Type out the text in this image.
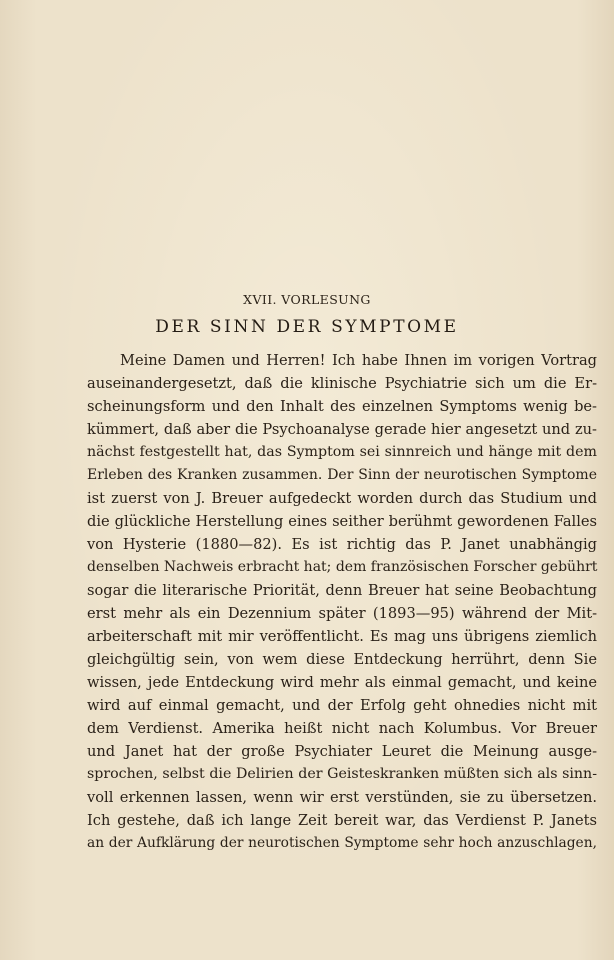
XVII. VORLESUNG
DER SINN DER SYMPTOME
Meine Damen und Herren! Ich habe Ihnen im vorigen Vortrag
auseinandergesetzt, daß die klinische Psychiatrie sich um die Er-
scheinungsform und den Inhalt des einzelnen Symptoms wenig be-
kümmert, daß aber die Psychoanalyse gerade hier angesetzt und zu-
nächst festgestellt hat, das Symptom sei sinnreich und hänge mit dem
Erleben des Kranken zusammen. Der Sinn der neurotischen Symptome
ist zuerst von J. Breuer aufgedeckt worden durch das Studium und
die glückliche Herstellung eines seither berühmt gewordenen Falles
von Hysterie (1880—82). Es ist richtig das P. Janet unabhängig
denselben Nachweis erbracht hat; dem französischen Forscher gebührt
sogar die literarische Priorität, denn Breuer hat seine Beobachtung
erst mehr als ein Dezennium später (1893—95) während der Mit-
arbeiterschaft mit mir veröffentlicht. Es mag uns übrigens ziemlich
gleichgültig sein, von wem diese Entdeckung herrührt, denn Sie
wissen, jede Entdeckung wird mehr als einmal gemacht, und keine
wird auf einmal gemacht, und der Erfolg geht ohnedies nicht mit
dem Verdienst. Amerika heißt nicht nach Kolumbus. Vor Breuer
und Janet hat der große Psychiater Leuret die Meinung ausge-
sprochen, selbst die Delirien der Geisteskranken müßten sich als sinn-
voll erkennen lassen, wenn wir erst verstünden, sie zu übersetzen.
Ich gestehe, daß ich lange Zeit bereit war, das Verdienst P. Janets
an der Aufklärung der neurotischen Symptome sehr hoch anzuschlagen,
